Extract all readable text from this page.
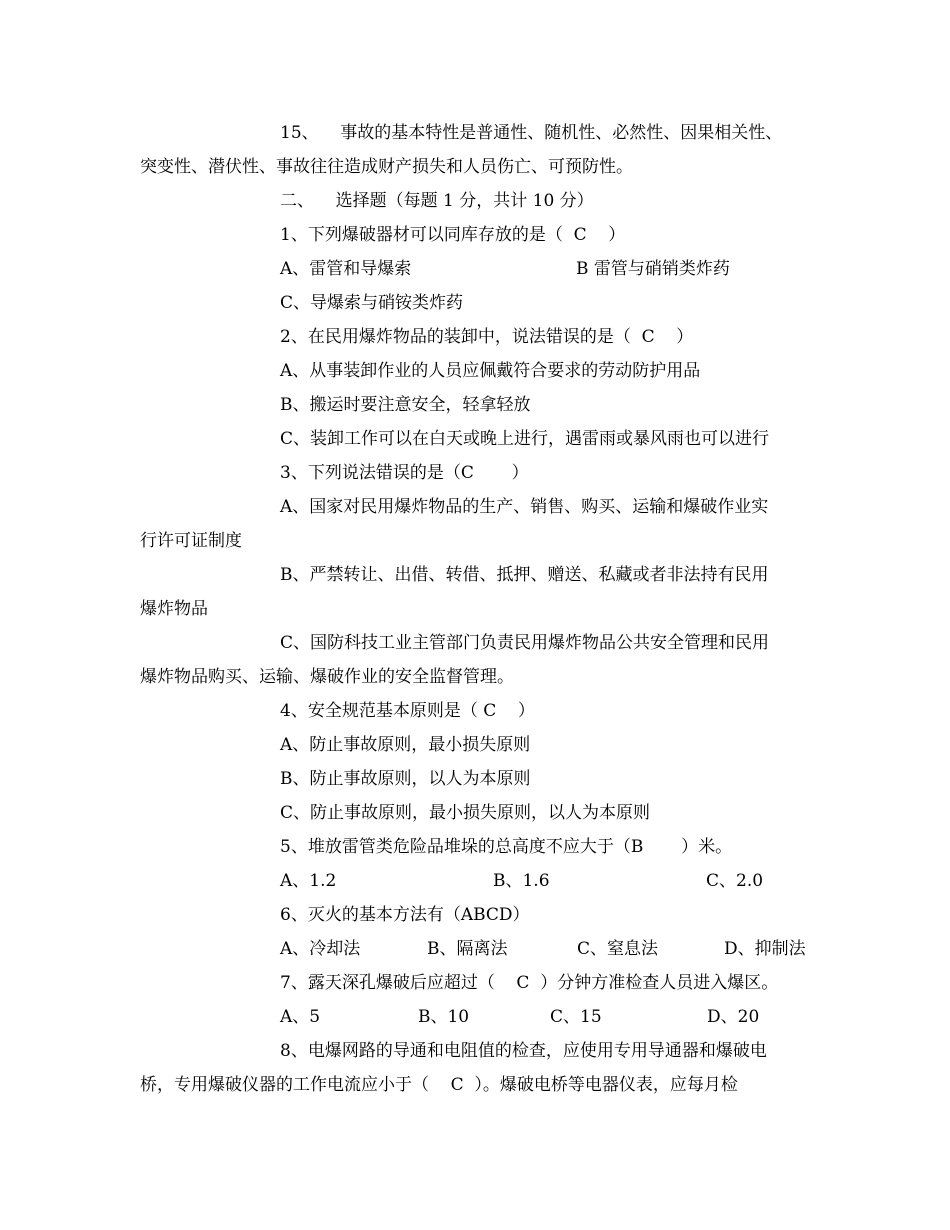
15、    事故的基本特性是普通性、随机性、必然性、因果相关性、
突变性、潜伏性、事故往往造成财产损失和人员伤亡、可预防性。
二、    选择题（每题 1 分，共计 10 分）
1、下列爆破器材可以同库存放的是（  C    ）
A、雷管和导爆索	B 雷管与硝销类炸药
C、导爆索与硝铵类炸药
2、在民用爆炸物品的装卸中，说法错误的是（  C    ）
A、从事装卸作业的人员应佩戴符合要求的劳动防护用品
B、搬运时要注意安全，轻拿轻放
C、装卸工作可以在白天或晚上进行，遇雷雨或暴风雨也可以进行
3、下列说法错误的是（C       ）
A、国家对民用爆炸物品的生产、销售、购买、运输和爆破作业实
行许可证制度
B、严禁转让、出借、转借、抵押、赠送、私藏或者非法持有民用
爆炸物品
C、国防科技工业主管部门负责民用爆炸物品公共安全管理和民用
爆炸物品购买、运输、爆破作业的安全监督管理。
4、安全规范基本原则是（ C    ）
A、防止事故原则，最小损失原则
B、防止事故原则，以人为本原则
C、防止事故原则，最小损失原则，以人为本原则
5、堆放雷管类危险品堆垛的总高度不应大于（B       ）米。
A、1.2	B、1.6	C、2.0
6、灭火的基本方法有（ABCD）
A、冷却法	B、隔离法	C、窒息法	D、抑制法
7、露天深孔爆破后应超过（    C  ）分钟方准检查人员进入爆区。
A、5	B、10	C、15	D、20
8、电爆网路的导通和电阻值的检查，应使用专用导通器和爆破电
桥，专用爆破仪器的工作电流应小于（    C  ）。爆破电桥等电器仪表，应每月检
